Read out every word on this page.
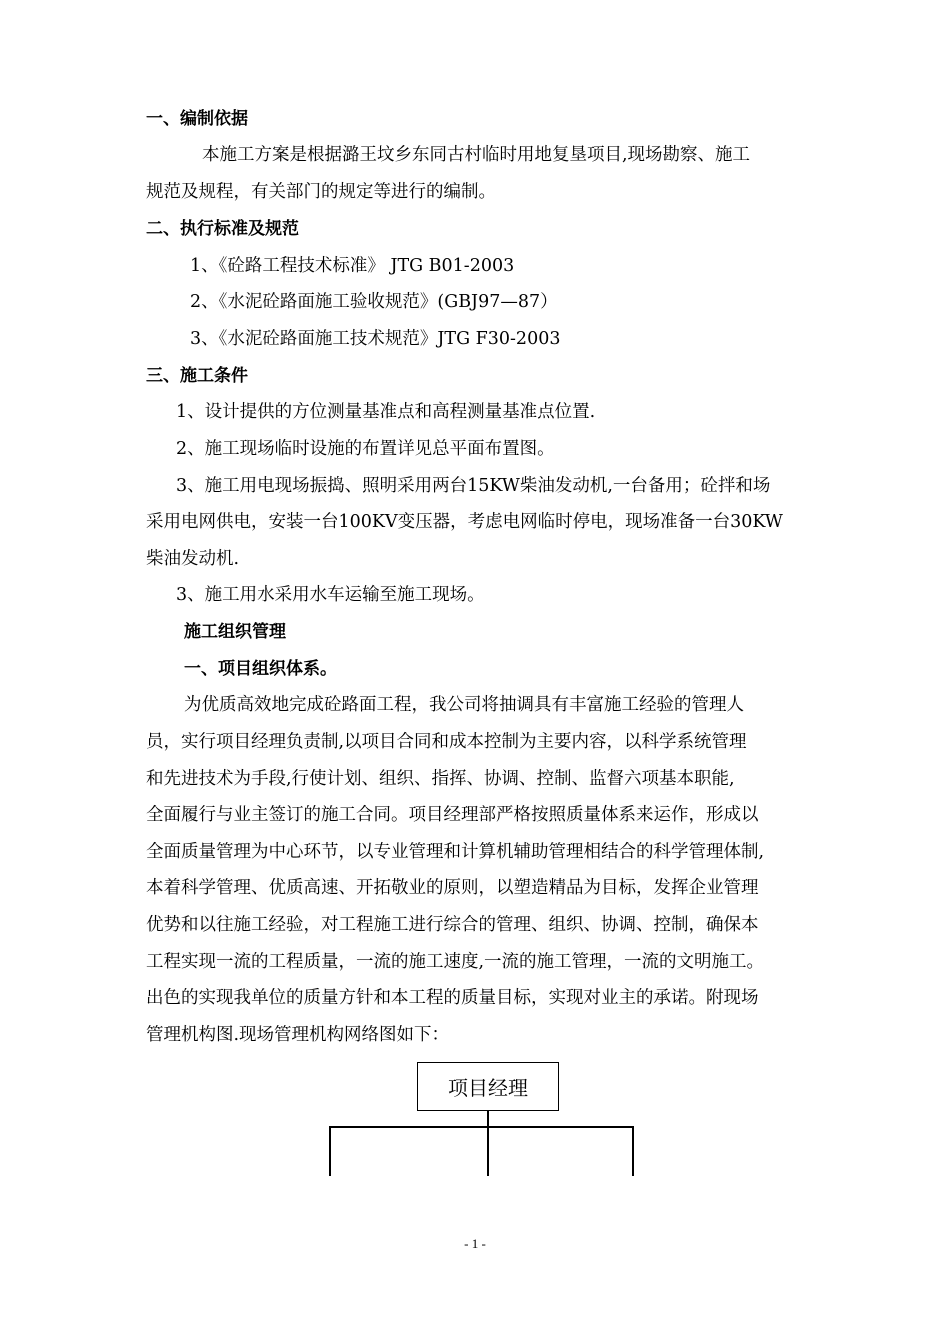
一、编制依据
本施工方案是根据潞王坟乡东同古村临时用地复垦项目,现场勘察、施工
规范及规程，有关部门的规定等进行的编制。
二、执行标准及规范
1、《砼路工程技术标准》 JTG B01-2003
2、《水泥砼路面施工验收规范》(GBJ97—87）
3、《水泥砼路面施工技术规范》JTG F30-2003
三、施工条件
1、设计提供的方位测量基准点和高程测量基准点位置.
2、施工现场临时设施的布置详见总平面布置图。
3、施工用电现场振捣、照明采用两台15KW柴油发动机,一台备用；砼拌和场
采用电网供电，安装一台100KV变压器，考虑电网临时停电，现场准备一台30KW
柴油发动机.
3、施工用水采用水车运输至施工现场。
施工组织管理
一、项目组织体系。
为优质高效地完成砼路面工程，我公司将抽调具有丰富施工经验的管理人
员，实行项目经理负责制,以项目合同和成本控制为主要内容，以科学系统管理
和先进技术为手段,行使计划、组织、指挥、协调、控制、监督六项基本职能,
全面履行与业主签订的施工合同。项目经理部严格按照质量体系来运作，形成以
全面质量管理为中心环节，以专业管理和计算机辅助管理相结合的科学管理体制,
本着科学管理、优质高速、开拓敬业的原则，以塑造精品为目标，发挥企业管理
优势和以往施工经验，对工程施工进行综合的管理、组织、协调、控制，确保本
工程实现一流的工程质量，一流的施工速度,一流的施工管理，一流的文明施工。
出色的实现我单位的质量方针和本工程的质量目标，实现对业主的承诺。附现场
管理机构图.现场管理机构网络图如下：
项目经理
- 1 -
